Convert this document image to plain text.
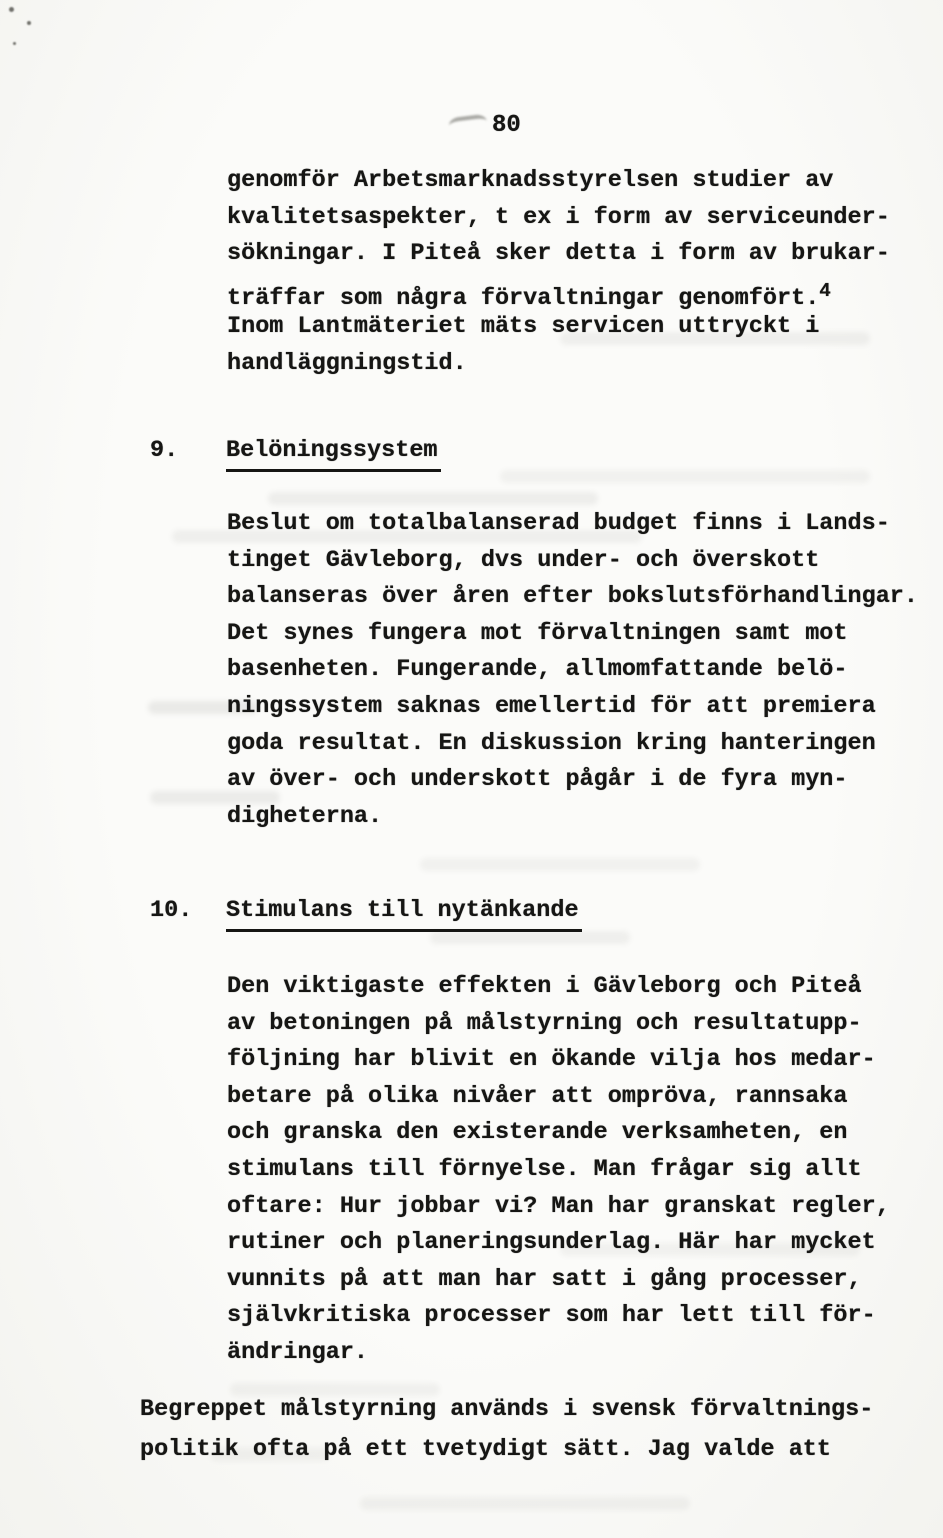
80
genomför Arbetsmarknadsstyrelsen studier av
kvalitetsaspekter, t ex i form av serviceunder-
sökningar. I Piteå sker detta i form av brukar-
träffar som några förvaltningar genomfört.$^4$
Inom Lantmäteriet mäts servicen uttryckt i
handläggningstid.
9. Belöningssystem
Beslut om totalbalanserad budget finns i Lands-
tinget Gävleborg, dvs under- och överskott
balanseras över åren efter bokslutsförhandlingar.
Det synes fungera mot förvaltningen samt mot
basenheten. Fungerande, allmomfattande belö-
ningssystem saknas emellertid för att premiera
goda resultat. En diskussion kring hanteringen
av över- och underskott pågår i de fyra myn-
digheterna.
10. Stimulans till nytänkande
Den viktigaste effekten i Gävleborg och Piteå
av betoningen på målstyrning och resultatupp-
följning har blivit en ökande vilja hos medar-
betare på olika nivåer att ompröva, rannsaka
och granska den existerande verksamheten, en
stimulans till förnyelse. Man frågar sig allt
oftare: Hur jobbar vi? Man har granskat regler,
rutiner och planeringsunderlag. Här har mycket
vunnits på att man har satt i gång processer,
självkritiska processer som har lett till för-
ändringar.
Begreppet målstyrning används i svensk förvaltnings-
politik ofta på ett tvetydigt sätt. Jag valde att
